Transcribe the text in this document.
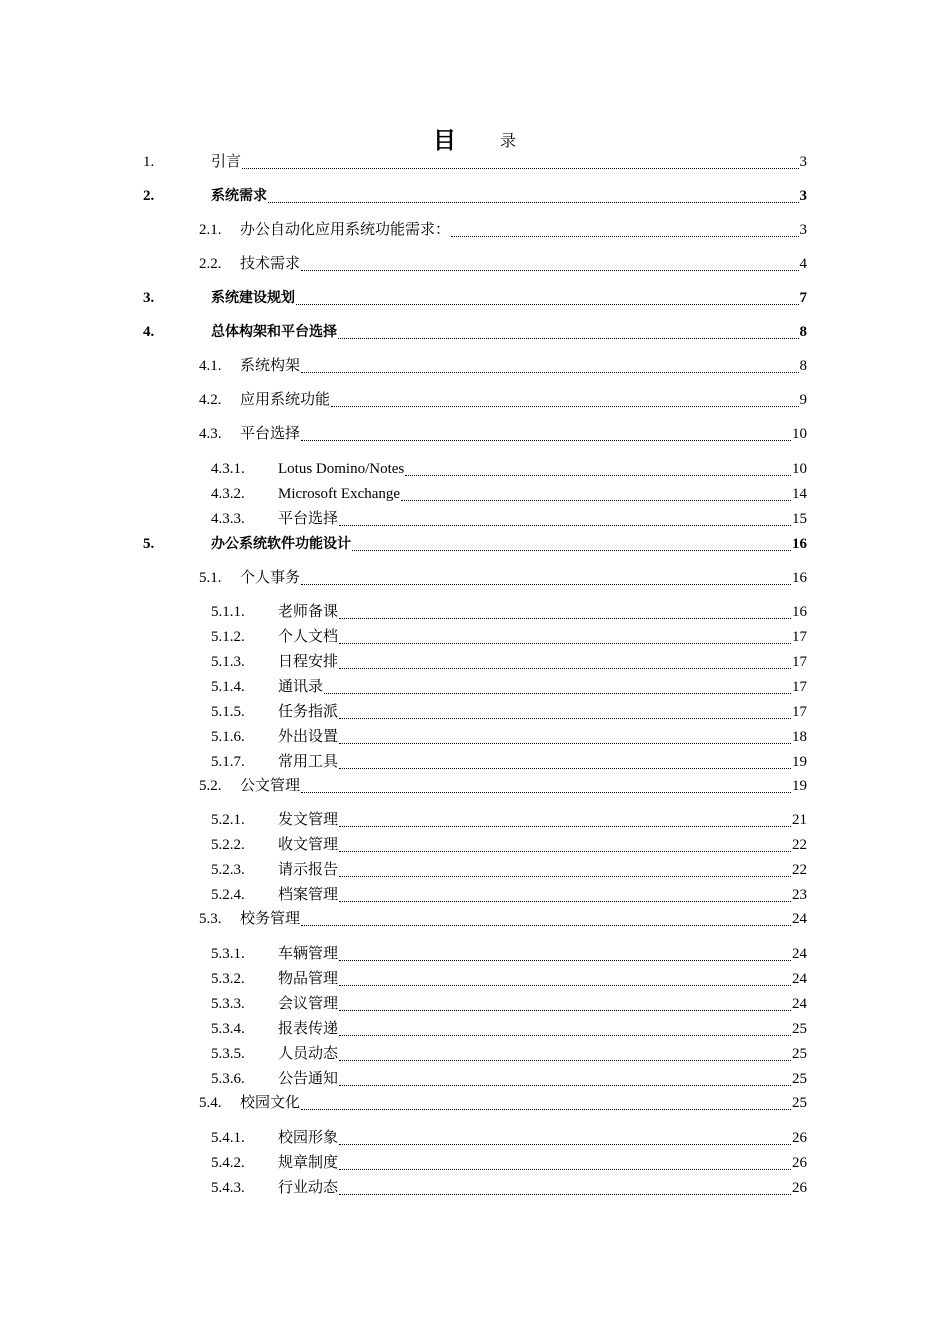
目	录
1.	引言	3
2.	系统需求	3
2.1.	办公自动化应用系统功能需求：	3
2.2.	技术需求	4
3.	系统建设规划	7
4.	总体构架和平台选择	8
4.1.	系统构架	8
4.2.	应用系统功能	9
4.3.	平台选择	10
4.3.1.	Lotus Domino/Notes	10
4.3.2.	Microsoft Exchange	14
4.3.3.	平台选择	15
5.	办公系统软件功能设计	16
5.1.	个人事务	16
5.1.1.	老师备课	16
5.1.2.	个人文档	17
5.1.3.	日程安排	17
5.1.4.	通讯录	17
5.1.5.	任务指派	17
5.1.6.	外出设置	18
5.1.7.	常用工具	19
5.2.	公文管理	19
5.2.1.	发文管理	21
5.2.2.	收文管理	22
5.2.3.	请示报告	22
5.2.4.	档案管理	23
5.3.	校务管理	24
5.3.1.	车辆管理	24
5.3.2.	物品管理	24
5.3.3.	会议管理	24
5.3.4.	报表传递	25
5.3.5.	人员动态	25
5.3.6.	公告通知	25
5.4.	校园文化	25
5.4.1.	校园形象	26
5.4.2.	规章制度	26
5.4.3.	行业动态	26
